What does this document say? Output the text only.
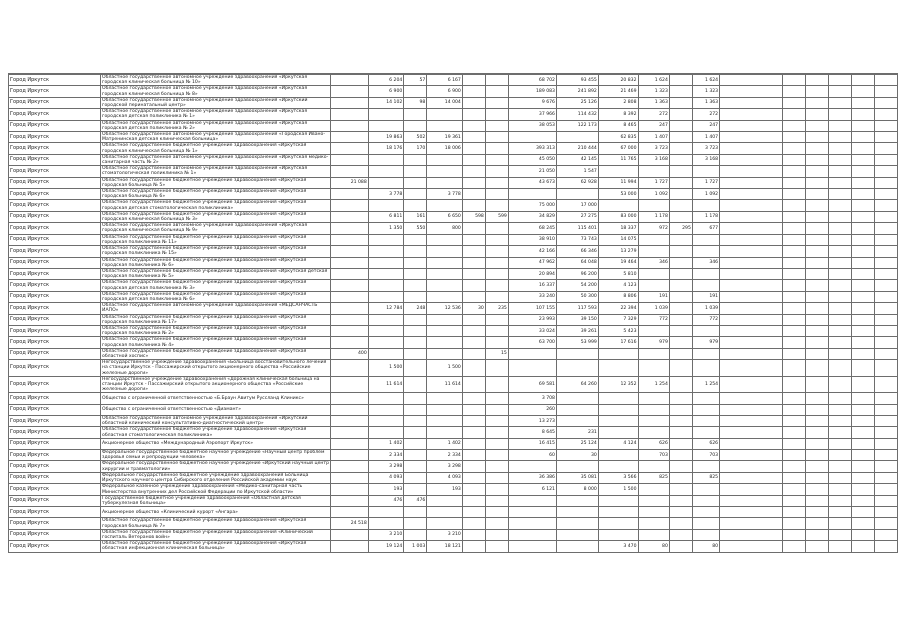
Город Иркутск	Областное государственное автономное учреждение здравоохранения «Иркутская городская клиническая больница № 10»		6 204	57	6 167			68 702	93 455	20 832	1 624		1 624						
Город Иркутск	Областное государственное автономное учреждение здравоохранения «Иркутская городская клиническая больница № 8»		6 900		6 900			189 083	241 892	21 469	1 323		1 323						
Город Иркутск	Областное государственное автономное учреждение здравоохранения «Иркутский городской перинатальный центр»		14 102	98	14 004			9 676	25 126	2 808	1 363		1 363						
Город Иркутск	Областное государственное автономное учреждение здравоохранения «Иркутская городская детская поликлиника № 1»							37 966	114 432	8 392	272		272						
Город Иркутск	Областное государственное автономное учреждение здравоохранения «Иркутская городская детская поликлиника № 2»							38 053	122 173	8 465	247		247						
Город Иркутск	Областное государственное автономное учреждение здравоохранения «Городская Ивано-Матренинская детская клиническая больница»		19 863	502	19 361					62 835	1 407		1 407						
Город Иркутск	Областное государственное бюджетное учреждение здравоохранения «Иркутская городская клиническая больница № 1»		18 176	170	18 006			393 313	210 444	67 000	3 723		3 723						
Город Иркутск	Областное государственное автономное учреждение здравоохранения «Иркутская медико-санитарная часть № 2»							45 050	42 145	11 765	3 168		3 168						
Город Иркутск	Областное государственное автономное учреждение здравоохранения «Иркутская стоматологическая поликлиника № 1»							21 050	1 547										
Город Иркутск	Областное государственное бюджетное учреждение здравоохранения «Иркутская городская больница № 5»	21 088						43 673	62 928	11 994	1 727		1 727						
Город Иркутск	Областное государственное бюджетное учреждение здравоохранения «Иркутская городская больница № 6»		3 778		3 778					53 000	1 092		1 092						
Город Иркутск	Областное государственное бюджетное учреждение здравоохранения «Иркутская городская детская стоматологическая поликлиника»							75 000	17 000										
Город Иркутск	Областное государственное бюджетное учреждение здравоохранения «Иркутская городская клиническая больница № 3»		6 811	161	6 650	598	599	34 829	27 275	83 000	1 178		1 178						
Город Иркутск	Областное государственное автономное учреждение здравоохранения «Иркутская городская клиническая больница № 9»		1 350	550	800			68 245	115 401	18 337	972	295	677						
Город Иркутск	Областное государственное бюджетное учреждение здравоохранения «Иркутская городская поликлиника № 11»							38 910	73 743	14 075									
Город Иркутск	Областное государственное бюджетное учреждение здравоохранения «Иркутская городская поликлиника № 15»							42 166	66 346	13 279									
Город Иркутск	Областное государственное бюджетное учреждение здравоохранения «Иркутская городская поликлиника № 6»							47 962	64 048	19 464	346		346						
Город Иркутск	Областное государственное бюджетное учреждение здравоохранения «Иркутская детская городская поликлиника № 5»							20 894	96 200	5 810									
Город Иркутск	Областное государственное бюджетное учреждение здравоохранения «Иркутская городская детская поликлиника № 3»							16 337	54 200	4 123									
Город Иркутск	Областное государственное бюджетное учреждение здравоохранения «Иркутская городская детская поликлиника № 6»							33 240	50 300	8 806	191		191						
Город Иркутск	Областное государственное автономное учреждение здравоохранения «МЕДСАНЧАСТЬ ИАПО»		12 784	248	12 536	30	235	107 155	117 593	22 394	1 039		1 039						
Город Иркутск	Областное государственное бюджетное учреждение здравоохранения «Иркутская городская поликлиника № 17»							23 993	39 150	7 329	772		772						
Город Иркутск	Областное государственное бюджетное учреждение здравоохранения «Иркутская городская поликлиника № 2»							33 024	39 261	5 423									
Город Иркутск	Областное государственное бюджетное учреждение здравоохранения «Иркутская городская поликлиника № 4»							63 700	53 999	17 616	979		979						
Город Иркутск	Областное государственное бюджетное учреждение здравоохранения «Иркутская областной хоспис»	400					15												
Город Иркутск	Негосударственное учреждение здравоохранения «Больница восстановительного лечения на станции Иркутск - Пассажирский открытого акционерного общества «Российские железные дороги»		1 500		1 500														
Город Иркутск	Негосударственное учреждение здравоохранения «Дорожная клиническая больница на станции Иркутск - Пассажирский открытого акционерного общества «Российские железные дороги»		11 614		11 614			69 581	64 260	12 352	1 254		1 254						
Город Иркутск	Общество с ограниченной ответственностью «Б.Браун Авитум Руссланд Клиникс»							3 708											
Город Иркутск	Общество с ограниченной ответственностью «Диамант»							260											
Город Иркутск	Областное государственное автономное учреждение здравоохранения «Иркутский областной клинический консультативно-диагностический центр»							13 273											
Город Иркутск	Областное государственное бюджетное учреждение здравоохранения «Иркутская областная стоматологическая поликлиника»							8 645	231										
Город Иркутск	Акционерное общество «Международный Аэропорт Иркутск»		1 402		1 402			16 415	25 124	4 124	626		626						
Город Иркутск	Федеральное государственное бюджетное научное учреждение «Научный центр проблем здоровья семьи и репродукции человека»		2 334		2 334			60	30		703		703						
Город Иркутск	Федеральное государственное бюджетное научное учреждение «Иркутский научный центр хирургии и травматологии»		3 298		3 298														
Город Иркутск	Федеральное государственное бюджетное учреждение здравоохранения Больница Иркутского научного центра Сибирского отделения Российской академии наук		4 093		4 093			36 386	35 081	3 566	825		825						
Город Иркутск	Федеральное казенное учреждение здравоохранения «Медико-санитарная часть Министерства внутренних дел Российской Федерации по Иркутской области»		193		193			6 121	8 000	1 500									
Город Иркутск	Государственное бюджетное учреждение здравоохранения «Областная детская туберкулезная больница»		476	476															
Город Иркутск	Акционерное общество «Клинический курорт «Ангара»																		
Город Иркутск	Областное государственное бюджетное учреждение здравоохранения «Иркутская городская больница № 7»	24 518																	
Город Иркутск	Областное государственное бюджетное учреждение здравоохранения «Клинический госпиталь Ветеранов войн»		3 210		3 210														
Город Иркутск	Областное государственное бюджетное учреждение здравоохранения «Иркутская областная инфекционная клиническая больница»		19 124	1 003	18 121					3 470	80		80						
